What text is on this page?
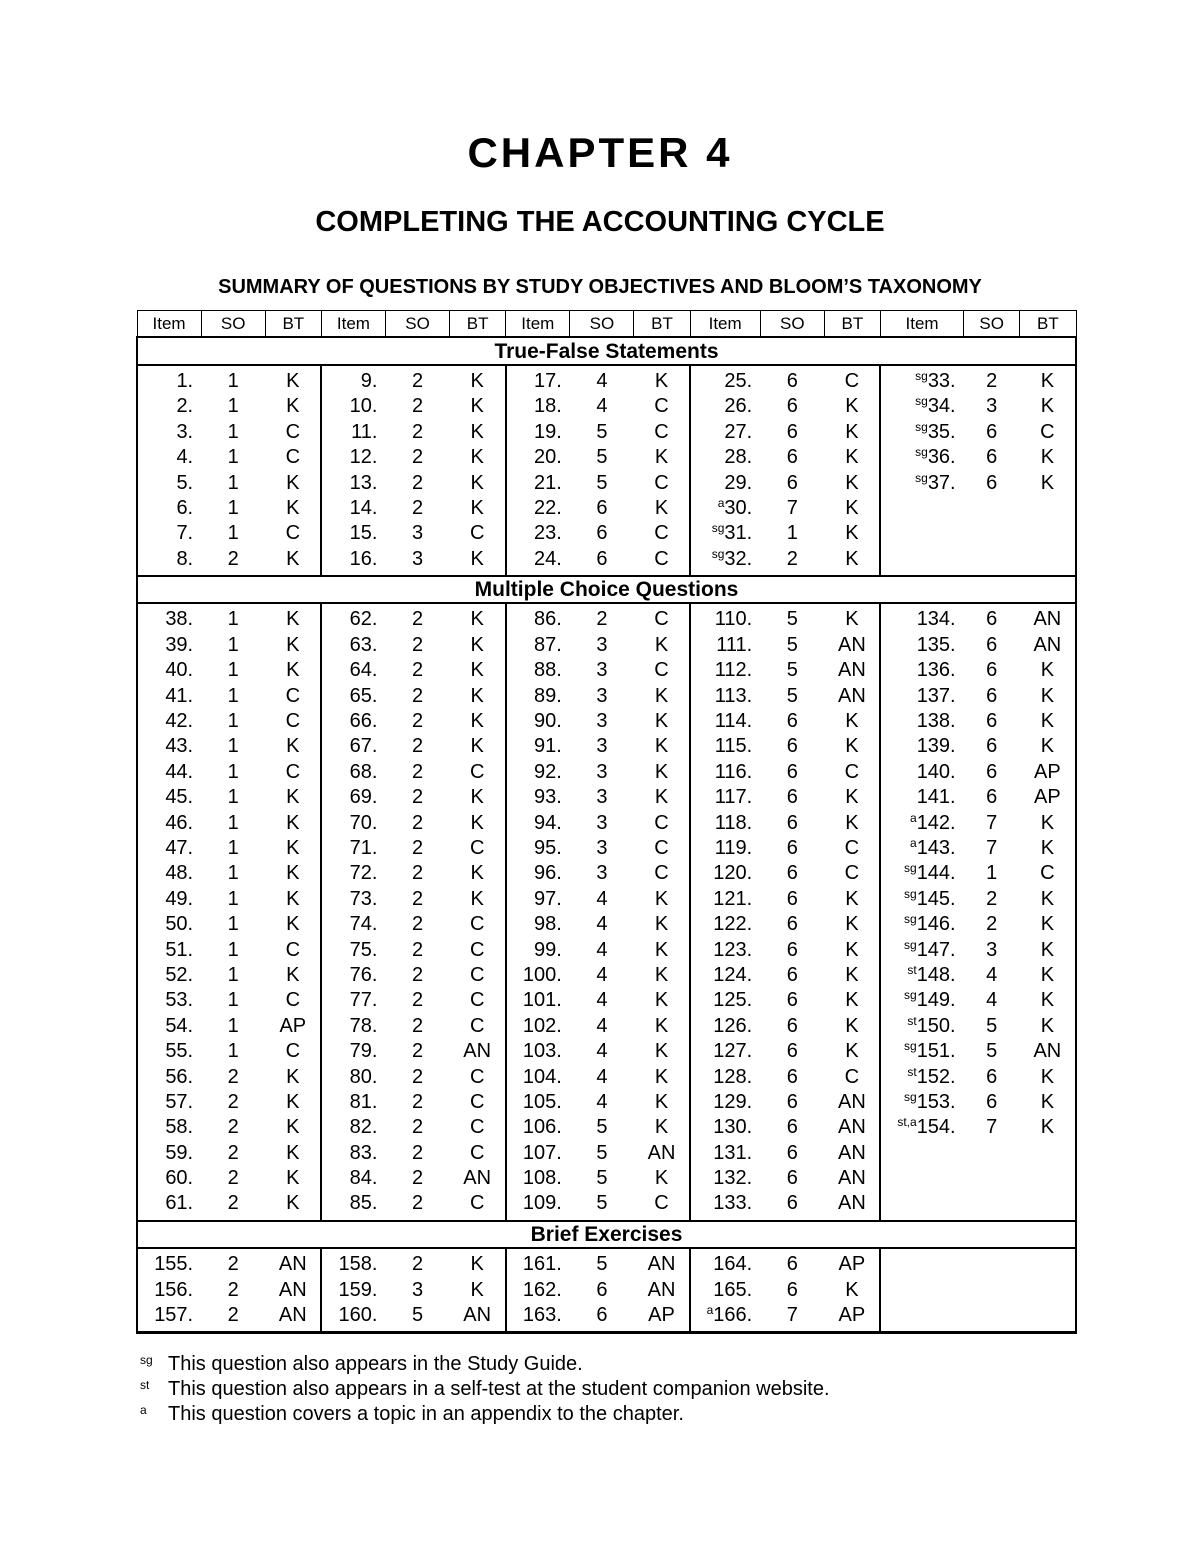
CHAPTER 4
COMPLETING THE ACCOUNTING CYCLE
SUMMARY OF QUESTIONS BY STUDY OBJECTIVES AND BLOOM’S TAXONOMY
Item	SO	BT	Item	SO	BT	Item	SO	BT	Item	SO	BT	Item	SO	BT
True-False Statements														
1.	1	K	9.	2	K	17.	4	K	25.	6	C	$^{sg}$33.	2	K
2.	1	K	10.	2	K	18.	4	C	26.	6	K	$^{sg}$34.	3	K
3.	1	C	11.	2	K	19.	5	C	27.	6	K	$^{sg}$35.	6	C
4.	1	C	12.	2	K	20.	5	K	28.	6	K	$^{sg}$36.	6	K
5.	1	K	13.	2	K	21.	5	C	29.	6	K	$^{sg}$37.	6	K
6.	1	K	14.	2	K	22.	6	K	$^a$30.	7	K			
7.	1	C	15.	3	C	23.	6	C	$^{sg}$31.	1	K			
8.	2	K	16.	3	K	24.	6	C	$^{sg}$32.	2	K			
Multiple Choice Questions														
38.	1	K	62.	2	K	86.	2	C	110.	5	K	134.	6	AN
39.	1	K	63.	2	K	87.	3	K	111.	5	AN	135.	6	AN
40.	1	K	64.	2	K	88.	3	C	112.	5	AN	136.	6	K
41.	1	C	65.	2	K	89.	3	K	113.	5	AN	137.	6	K
42.	1	C	66.	2	K	90.	3	K	114.	6	K	138.	6	K
43.	1	K	67.	2	K	91.	3	K	115.	6	K	139.	6	K
44.	1	C	68.	2	C	92.	3	K	116.	6	C	140.	6	AP
45.	1	K	69.	2	K	93.	3	K	117.	6	K	141.	6	AP
46.	1	K	70.	2	K	94.	3	C	118.	6	K	$^a$142.	7	K
47.	1	K	71.	2	C	95.	3	C	119.	6	C	$^a$143.	7	K
48.	1	K	72.	2	K	96.	3	C	120.	6	C	$^{sg}$144.	1	C
49.	1	K	73.	2	K	97.	4	K	121.	6	K	$^{sg}$145.	2	K
50.	1	K	74.	2	C	98.	4	K	122.	6	K	$^{sg}$146.	2	K
51.	1	C	75.	2	C	99.	4	K	123.	6	K	$^{sg}$147.	3	K
52.	1	K	76.	2	C	100.	4	K	124.	6	K	$^{st}$148.	4	K
53.	1	C	77.	2	C	101.	4	K	125.	6	K	$^{sg}$149.	4	K
54.	1	AP	78.	2	C	102.	4	K	126.	6	K	$^{st}$150.	5	K
55.	1	C	79.	2	AN	103.	4	K	127.	6	K	$^{sg}$151.	5	AN
56.	2	K	80.	2	C	104.	4	K	128.	6	C	$^{st}$152.	6	K
57.	2	K	81.	2	C	105.	4	K	129.	6	AN	$^{sg}$153.	6	K
58.	2	K	82.	2	C	106.	5	K	130.	6	AN	$^{st,a}$154.	7	K
59.	2	K	83.	2	C	107.	5	AN	131.	6	AN			
60.	2	K	84.	2	AN	108.	5	K	132.	6	AN			
61.	2	K	85.	2	C	109.	5	C	133.	6	AN			
Brief Exercises														
155.	2	AN	158.	2	K	161.	5	AN	164.	6	AP			
156.	2	AN	159.	3	K	162.	6	AN	165.	6	K			
157.	2	AN	160.	5	AN	163.	6	AP	$^a$166.	7	AP			
sg This question also appears in the Study Guide.
st This question also appears in a self-test at the student companion website.
a This question covers a topic in an appendix to the chapter.
